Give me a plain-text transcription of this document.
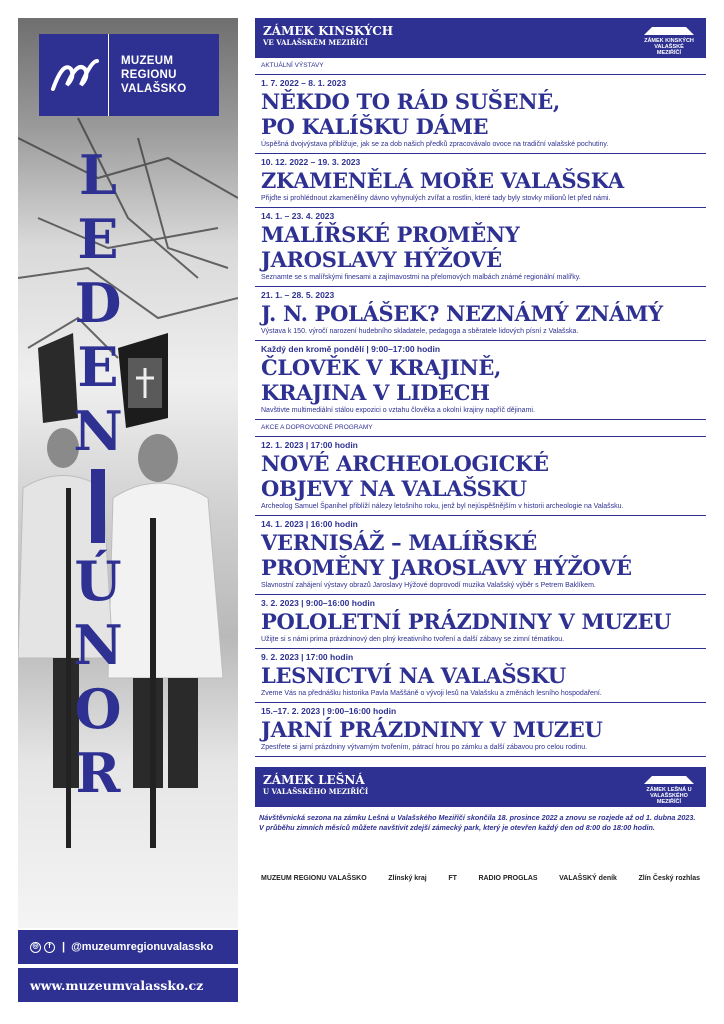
MUZEUM
REGIONU
VALAŠSKO
L
E
D
E
N
Ú
N
O
R
◎	f	| @muzeumregionuvalassko
www.muzeumvalassko.cz
ZÁMEK KINSKÝCH
VE VALAŠSKÉM MEZIŘÍČÍ	ZÁMEK KINSKÝCH VALAŠSKÉ MEZIŘÍČÍ
AKTUÁLNÍ VÝSTAVY
1. 7. 2022 – 8. 1. 2023
NĚKDO TO RÁD SUŠENÉ,
PO KALÍŠKU DÁME
Úspěšná dvojvýstava přibližuje, jak se za dob našich předků zpracovávalo ovoce na tradiční valašské pochutiny.
10. 12. 2022 – 19. 3. 2023
ZKAMENĚLÁ MOŘE VALAŠSKA
Přijďte si prohlédnout zkameněliny dávno vyhynulých zvířat a rostlin, které tady byly stovky milionů let před námi.
14. 1. – 23. 4. 2023
MALÍŘSKÉ PROMĚNY
JAROSLAVY HÝŽOVÉ
Seznamte se s malířskými finesami a zajímavostmi na přelomových malbách známé regionální malířky.
21. 1. – 28. 5. 2023
J. N. POLÁŠEK? NEZNÁMÝ ZNÁMÝ
Výstava k 150. výročí narození hudebního skladatele, pedagoga a sběratele lidových písní z Valašska.
Každý den kromě pondělí | 9:00–17:00 hodin
ČLOVĚK V KRAJINĚ,
KRAJINA V LIDECH
Navštivte multimediální stálou expozici o vztahu člověka a okolní krajiny napříč dějinami.
AKCE A DOPROVODNÉ PROGRAMY
12. 1. 2023 | 17:00 hodin
NOVÉ ARCHEOLOGICKÉ
OBJEVY NA VALAŠSKU
Archeolog Samuel Španihel přiblíží nálezy letošního roku, jenž byl nejúspěšnějším v historii archeologie na Valašsku.
14. 1. 2023 | 16:00 hodin
VERNISÁŽ – MALÍŘSKÉ
PROMĚNY JAROSLAVY HÝŽOVÉ
Slavnostní zahájení výstavy obrazů Jaroslavy Hýžové doprovodí muzika Valašský výběr s Petrem Baklíkem.
3. 2. 2023 | 9:00–16:00 hodin
POLOLETNÍ PRÁZDNINY V MUZEU
Užijte si s námi prima prázdninový den plný kreativního tvoření a další zábavy se zimní tématikou.
9. 2. 2023 | 17:00 hodin
LESNICTVÍ NA VALAŠSKU
Zveme Vás na přednášku historika Pavla Maššáně o vývoji lesů na Valašsku a změnách lesního hospodaření.
15.–17. 2. 2023 | 9:00–16:00 hodin
JARNÍ PRÁZDNINY V MUZEU
Zpestřete si jarní prázdniny výtvarným tvořením, pátrací hrou po zámku a další zábavou pro celou rodinu.
ZÁMEK LEŠNÁ
U VALAŠSKÉHO MEZIŘÍČÍ	ZÁMEK LEŠNÁ U VALAŠSKÉHO MEZIŘÍČÍ
Návštěvnická sezona na zámku Lešná u Valašského Meziříčí skončila 18. prosince 2022 a znovu se rozjede až od 1. dubna 2023. V průběhu zimních měsíců můžete navštívit zdejší zámecký park, který je otevřen každý den od 8:00 do 18:00 hodin.
MUZEUM REGIONU VALAŠSKO	Zlínský kraj	FT	RADIO PROGLAS	VALAŠSKÝ deník	Zlín Český rozhlas
